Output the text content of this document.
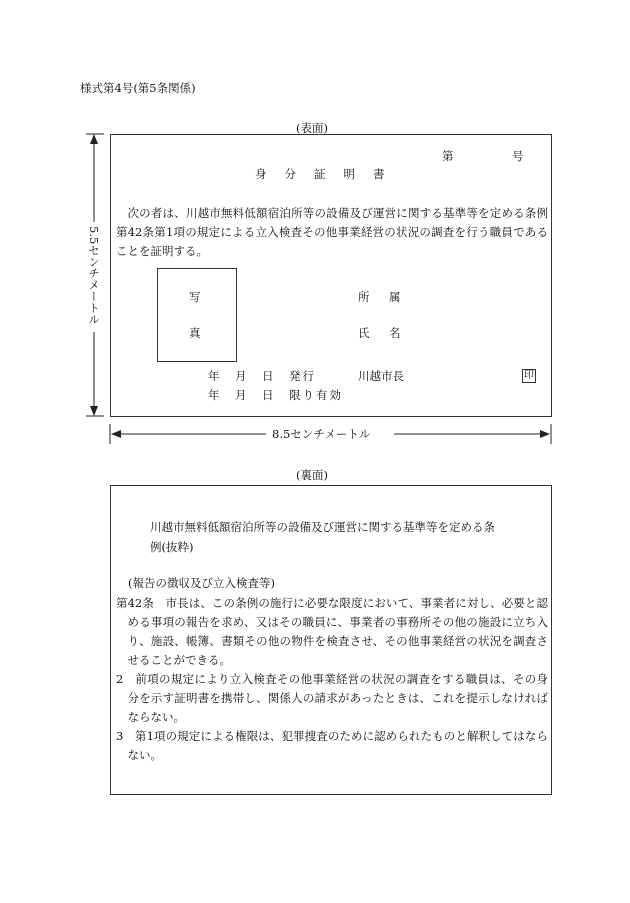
様式第4号(第5条関係)
(表面)
第	号
身分証明書
次の者は、川越市無料低額宿泊所等の設備及び運営に関する基準等を定める条例第42条第1項の規定による立入検査その他事業経営の状況の調査を行う職員であることを証明する。
写
真
所　属
氏　名
年　月　日　発行
年　月　日　限り有効
川越市長	印
5.5センチメートル
8.5センチメートル
(裏面)
川越市無料低額宿泊所等の設備及び運営に関する基準等を定める条
例(抜粋)
(報告の徴収及び立入検査等)
第42条　市長は、この条例の施行に必要な限度において、事業者に対し、必要と認める事項の報告を求め、又はその職員に、事業者の事務所その他の施設に立ち入り、施設、帳簿、書類その他の物件を検査させ、その他事業経営の状況を調査させることができる。
2　前項の規定により立入検査その他事業経営の状況の調査をする職員は、その身分を示す証明書を携帯し、関係人の請求があったときは、これを提示しなければならない。
3　第1項の規定による権限は、犯罪捜査のために認められたものと解釈してはならない。
